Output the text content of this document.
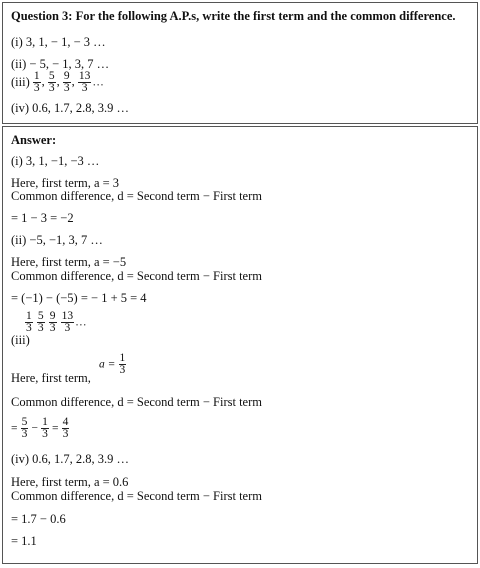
Question 3: For the following A.P.s, write the first term and the common difference.
(i) 3, 1, − 1, − 3 …
(ii) − 5, − 1, 3, 7 …
$(iii) \frac{1}{3}$ , $\frac{5}{3}$ , $\frac{9}{3}$ , $\frac{13}{3}$ …
(iv) 0.6, 1.7, 2.8, 3.9 …
Answer:
(i) 3, 1, −1, −3 …
Here, first term, a = 3
Common difference, d = Second term − First term
= 1 − 3 = −2
(ii) −5, −1, 3, 7 …
Here, first term, a = −5
Common difference, d = Second term − First term
= (−1) − (−5) = − 1 + 5 = 4
$\frac{1}{3}$
$\frac{5}{3}$
$\frac{9}{3}$
$\frac{13}{3}$ …
(iii)
Here, first term,
$a = \frac{1}{3}$
Common difference, d = Second term − First term
= $\frac{5}{3} - \frac{1}{3} = \frac{4}{3}$
(iv) 0.6, 1.7, 2.8, 3.9 …
Here, first term, a = 0.6
Common difference, d = Second term − First term
= 1.7 − 0.6
= 1.1
